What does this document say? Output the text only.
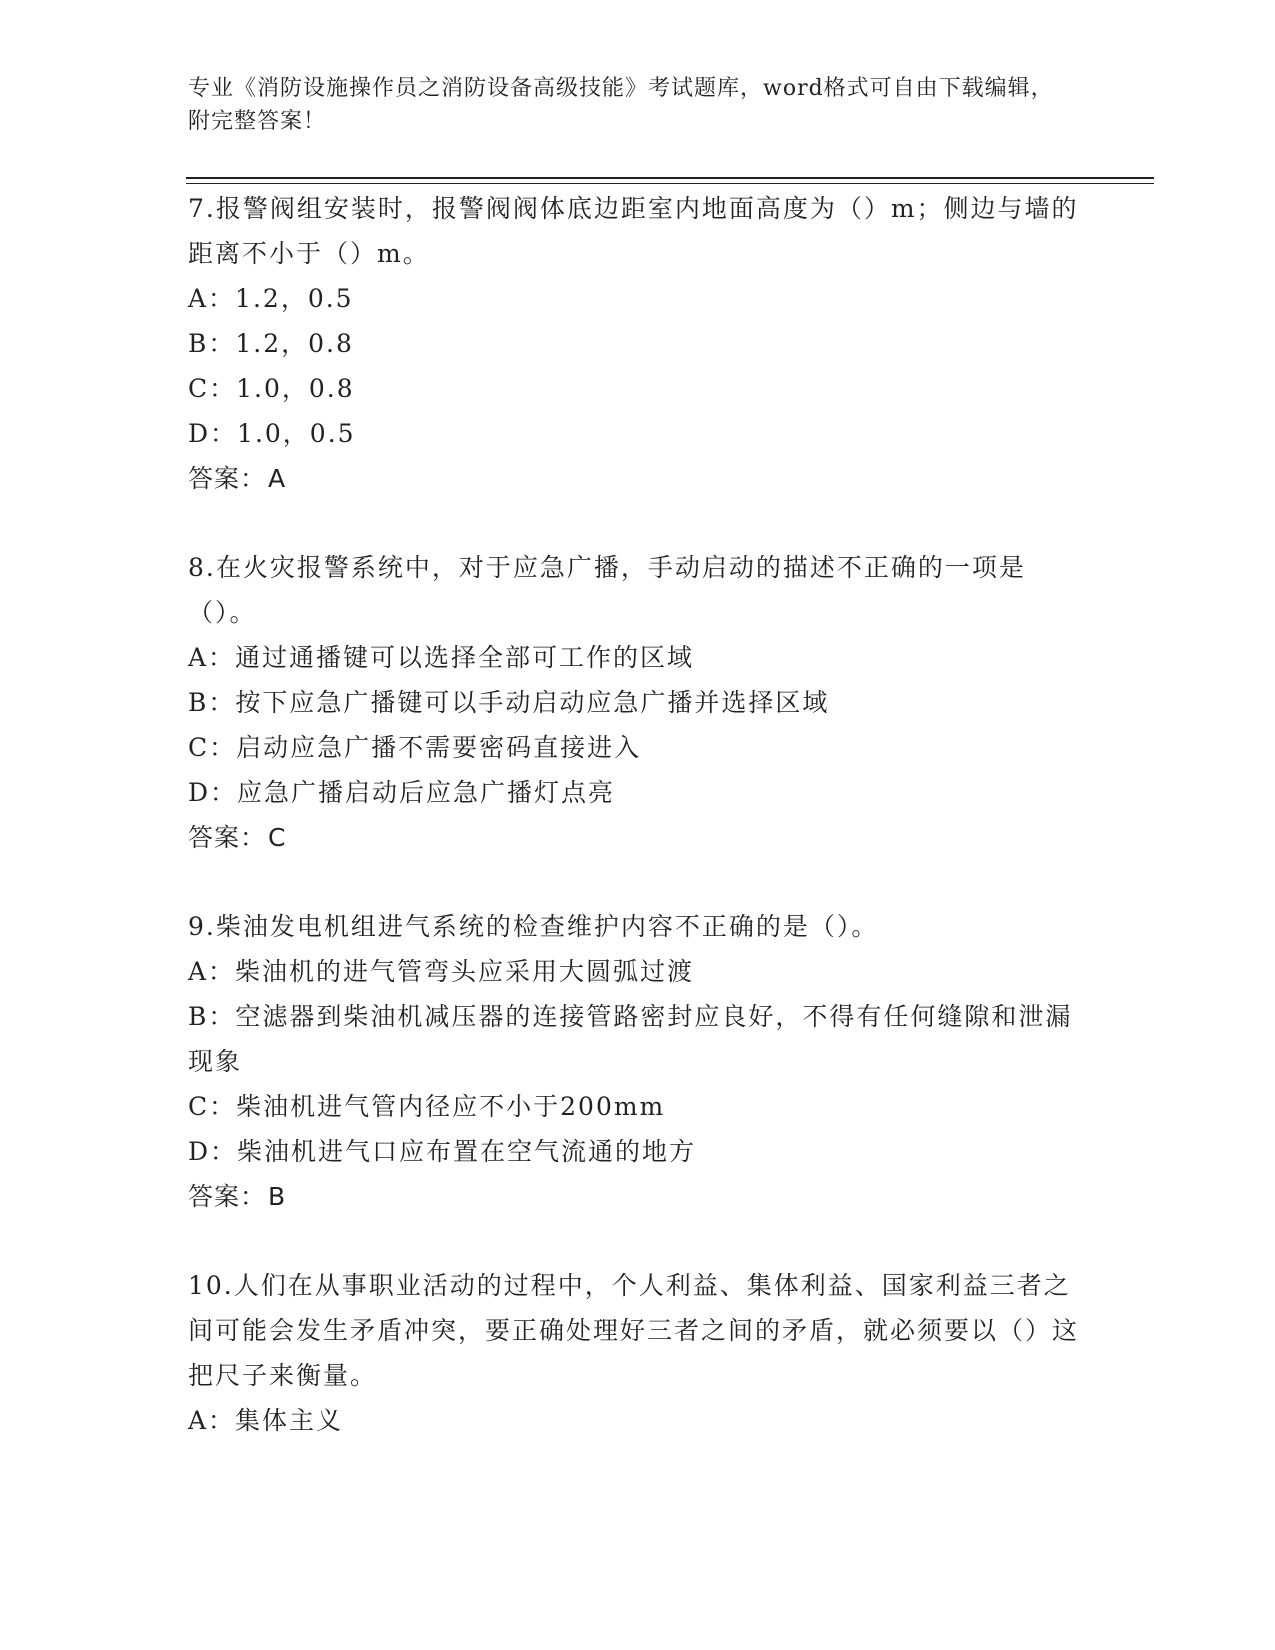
专业《消防设施操作员之消防设备高级技能》考试题库，word格式可自由下载编辑，附完整答案！
7.报警阀组安装时，报警阀阀体底边距室内地面高度为（）m；侧边与墙的距离不小于（）m。
A：1.2，0.5
B：1.2，0.8
C：1.0，0.8
D：1.0，0.5
答案：A
8.在火灾报警系统中，对于应急广播，手动启动的描述不正确的一项是（）。
A：通过通播键可以选择全部可工作的区域
B：按下应急广播键可以手动启动应急广播并选择区域
C：启动应急广播不需要密码直接进入
D：应急广播启动后应急广播灯点亮
答案：C
9.柴油发电机组进气系统的检查维护内容不正确的是（）。
A：柴油机的进气管弯头应采用大圆弧过渡
B：空滤器到柴油机减压器的连接管路密封应良好，不得有任何缝隙和泄漏现象
C：柴油机进气管内径应不小于200mm
D：柴油机进气口应布置在空气流通的地方
答案：B
10.人们在从事职业活动的过程中，个人利益、集体利益、国家利益三者之间可能会发生矛盾冲突，要正确处理好三者之间的矛盾，就必须要以（）这把尺子来衡量。
A：集体主义
